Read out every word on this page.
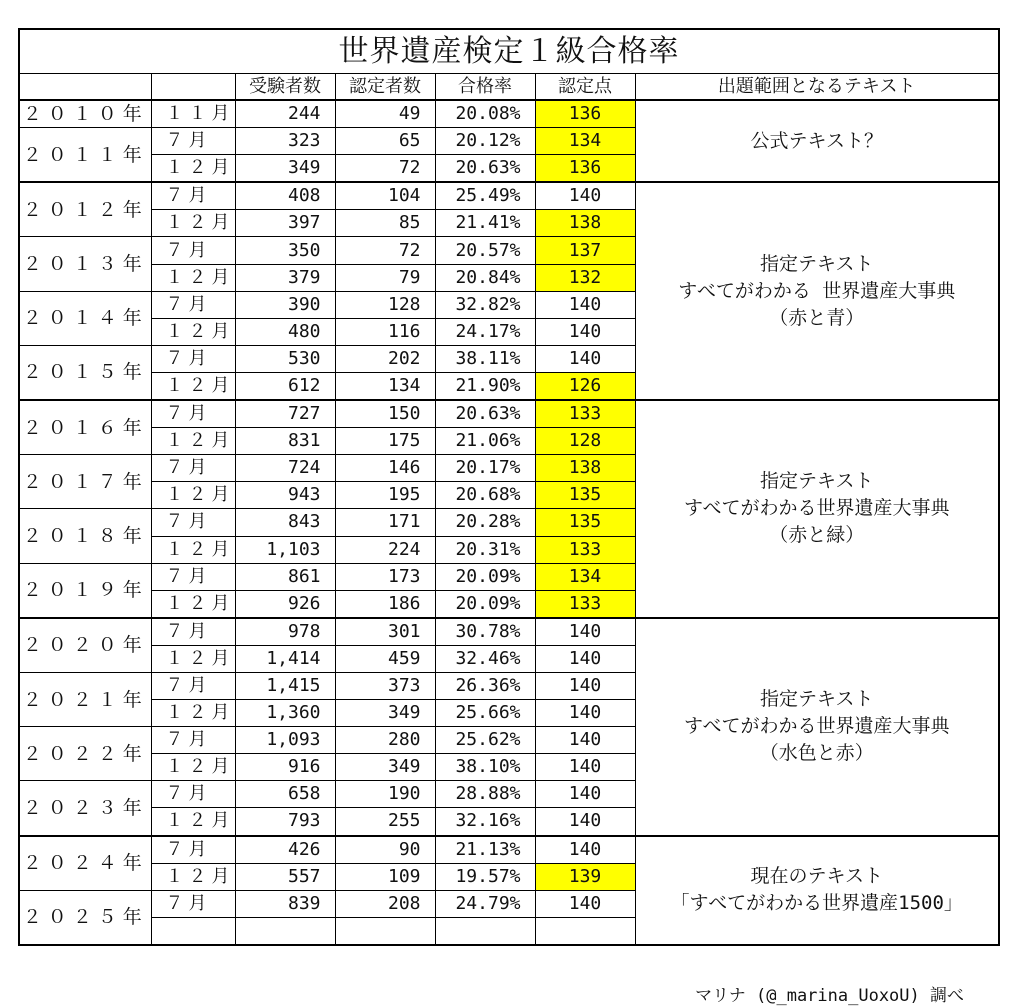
世界遺産検定１級合格率						
		受験者数	認定者数	合格率	認定点	出題範囲となるテキスト
２０１０年	１１月	244	49	20.08%	136	公式テキスト？

２０１１年	７月	323	65	20.12%	134	
	１２月	349	72	20.63%	136	
２０１２年	７月	408	104	25.49%	140	指定テキスト
すべてがわかる 世界遺産大事典
（赤と青）

	１２月	397	85	21.41%	138	
２０１３年	７月	350	72	20.57%	137	
	１２月	379	79	20.84%	132	
２０１４年	７月	390	128	32.82%	140	
	１２月	480	116	24.17%	140	
２０１５年	７月	530	202	38.11%	140	
	１２月	612	134	21.90%	126	
２０１６年	７月	727	150	20.63%	133	指定テキスト
すべてがわかる世界遺産大事典
（赤と緑）

	１２月	831	175	21.06%	128	
２０１７年	７月	724	146	20.17%	138	
	１２月	943	195	20.68%	135	
２０１８年	７月	843	171	20.28%	135	
	１２月	1,103	224	20.31%	133	
２０１９年	７月	861	173	20.09%	134	
	１２月	926	186	20.09%	133	
２０２０年	７月	978	301	30.78%	140	指定テキスト
すべてがわかる世界遺産大事典
（水色と赤）

	１２月	1,414	459	32.46%	140	
２０２１年	７月	1,415	373	26.36%	140	
	１２月	1,360	349	25.66%	140	
２０２２年	７月	1,093	280	25.62%	140	
	１２月	916	349	38.10%	140	
２０２３年	７月	658	190	28.88%	140	
	１２月	793	255	32.16%	140	
２０２４年	７月	426	90	21.13%	140	現在のテキスト
「すべてがわかる世界遺産1500」

	１２月	557	109	19.57%	139	
２０２５年	７月	839	208	24.79%	140	

マリナ (@_marina_UoxoU) 調べ
